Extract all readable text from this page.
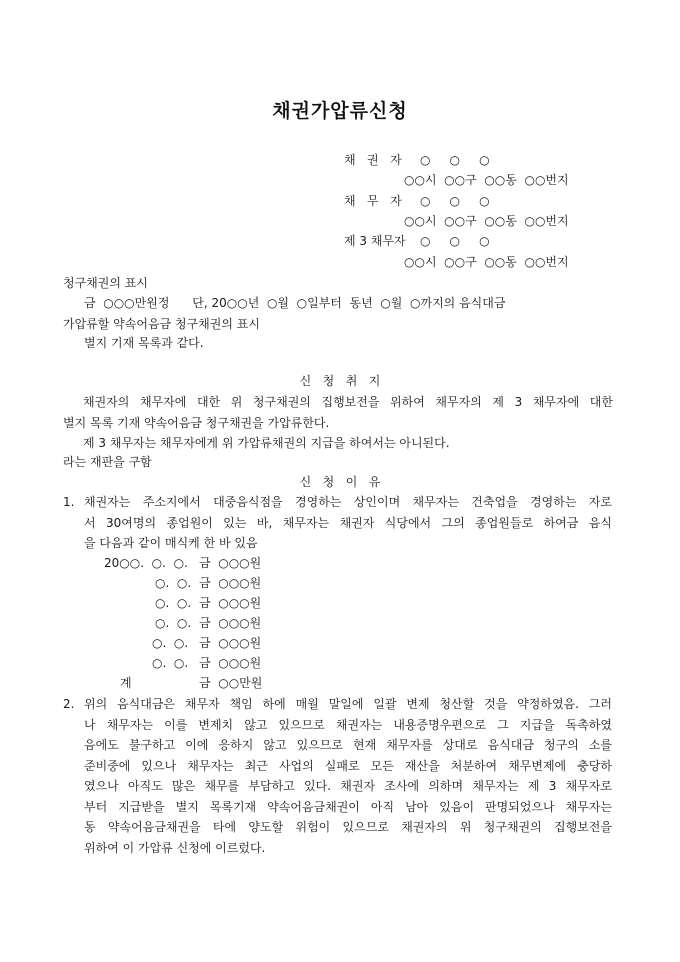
채권가압류신청
채   권   자 ○     ○     ○
○○시  ○○구  ○○동  ○○번지
채   무   자 ○     ○     ○
○○시  ○○구  ○○동  ○○번지
제 3 채무자 ○     ○     ○
○○시  ○○구  ○○동  ○○번지
청구채권의 표시
금  ○○○만원정      단, 20○○년  ○월  ○일부터  동년  ○월  ○까지의 음식대금
가압류할 약속어음금 청구채권의 표시
별지 기재 목록과 같다.
신   청   취   지
채권자의 채무자에 대한 위 청구채권의 집행보전을 위하여 채무자의 제 3 채무자에 대한
별지 목록 기재 약속어음금 청구채권을 가압류한다.
제 3 채무자는 채무자에게 위 가압류채권의 지급을 하여서는 아니된다.
라는 재판을 구함
신   청   이   유
1. 채권자는 주소지에서 대중음식점을 경영하는 상인이며 채무자는 건축업을 경영하는 자로
서 30여명의 종업원이 있는 바, 채무자는 채권자 식당에서 그의 종업원들로 하여금 음식
을 다음과 같이 매식케 한 바 있음
20○○.  ○.  ○. 금  ○○○원
○.  ○. 금  ○○○원
○.  ○. 금  ○○○원
○.  ○. 금  ○○○원
○.  ○. 금  ○○○원
○.  ○. 금  ○○○원
계	금  ○○만원
2. 위의 음식대금은 채무자 책임 하에 매월 말일에 일괄 변제 청산할 것을 약정하였음. 그러
나 채무자는 이를 변제치 않고 있으므로 채권자는 내용증명우편으로 그 지급을 독촉하였
음에도 불구하고 이에 응하지 않고 있으므로 현재 채무자를 상대로 음식대금 청구의 소를
준비중에 있으나 채무자는 최근 사업의 실패로 모든 재산을 처분하여 채무변제에 충당하
였으나 아직도 많은 채무를 부담하고 있다. 채권자 조사에 의하며 채무자는 제 3 채무자로
부터 지급받을 별지 목록기재 약속어음금채권이 아직 남아 있음이 판명되었으나 채무자는
동 약속어음금채권을 타에 양도할 위험이 있으므로 채권자의 위 청구채권의 집행보전을
위하여 이 가압류 신청에 이르렀다.
